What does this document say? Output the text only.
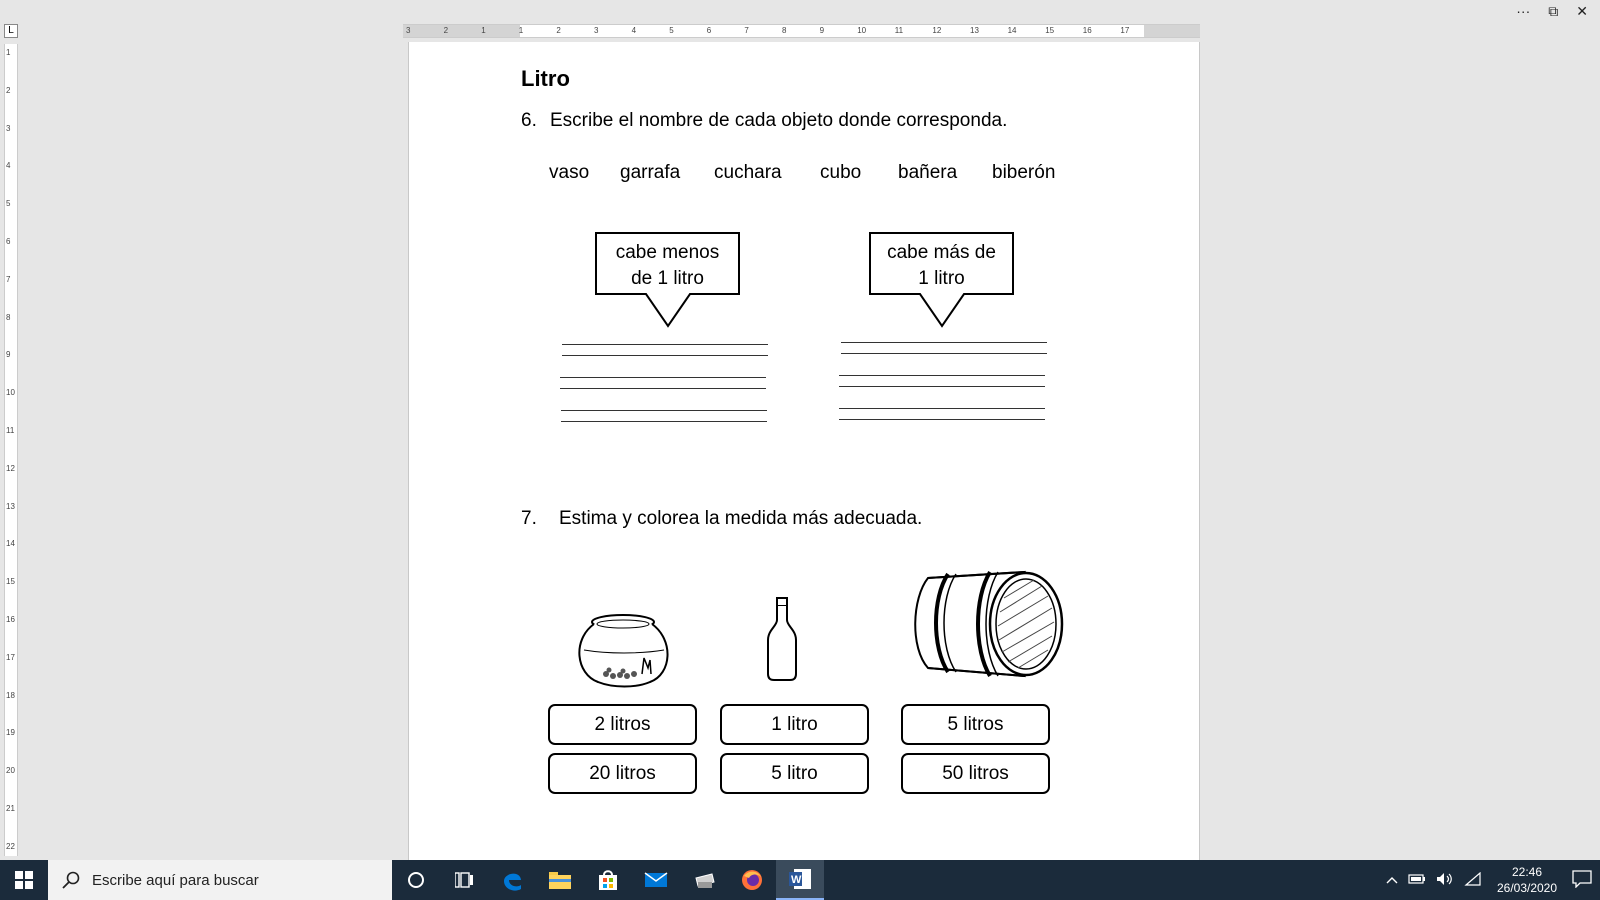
··· ⧉ ✕
3	2	1	1	2	3	4	5	6	7	8	9	10	11	12	13	14	15	16	17
L
1
2
3
4
5
6
7
8
9
10
11
12
13
14
15
16
17
18
19
20
21
22
Litro
6. Escribe el nombre de cada objeto donde corresponda.
vaso garrafa cuchara cubo bañera biberón
cabe menos
de 1 litro
cabe más de
1 litro
7. Estima y colorea la medida más adecuada.
2 litros
20 litros
1 litro
5 litro
5 litros
50 litros
Escribe aquí para buscar	W
22:46
26/03/2020
